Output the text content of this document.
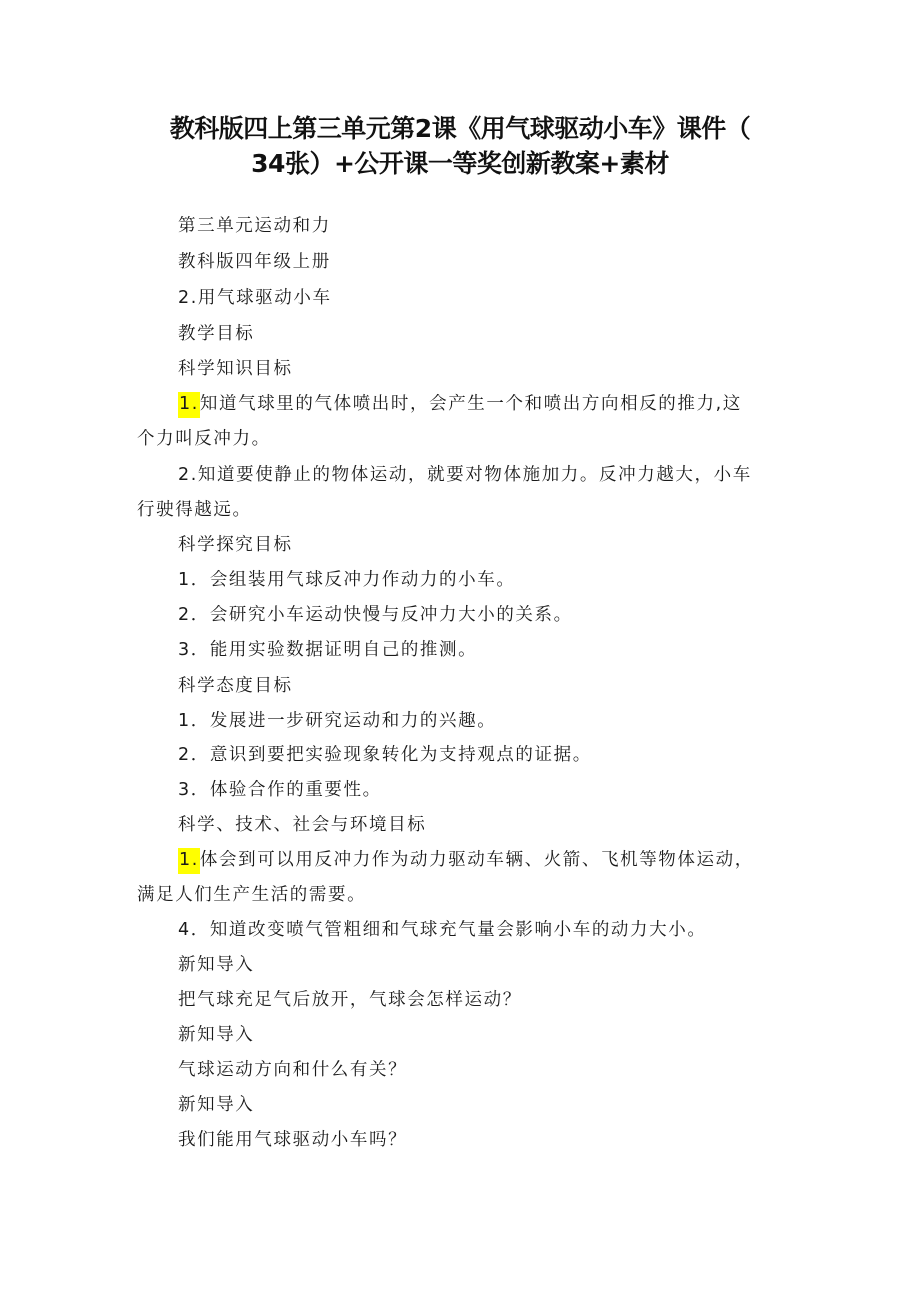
教科版四上第三单元第2课《用气球驱动小车》课件（
34张）+公开课一等奖创新教案+素材
第三单元运动和力
教科版四年级上册
2.用气球驱动小车
教学目标
科学知识目标
1.知道气球里的气体喷出时，会产生一个和喷出方向相反的推力,这
个力叫反冲力。
2.知道要使静止的物体运动，就要对物体施加力。反冲力越大，小车
行驶得越远。
科学探究目标
1．会组装用气球反冲力作动力的小车。
2．会研究小车运动快慢与反冲力大小的关系。
3．能用实验数据证明自己的推测。
科学态度目标
1．发展进一步研究运动和力的兴趣。
2．意识到要把实验现象转化为支持观点的证据。
3．体验合作的重要性。
科学、技术、社会与环境目标
1.体会到可以用反冲力作为动力驱动车辆、火箭、飞机等物体运动，
满足人们生产生活的需要。
4．知道改变喷气管粗细和气球充气量会影响小车的动力大小。
新知导入
把气球充足气后放开，气球会怎样运动？
新知导入
气球运动方向和什么有关？
新知导入
我们能用气球驱动小车吗？
